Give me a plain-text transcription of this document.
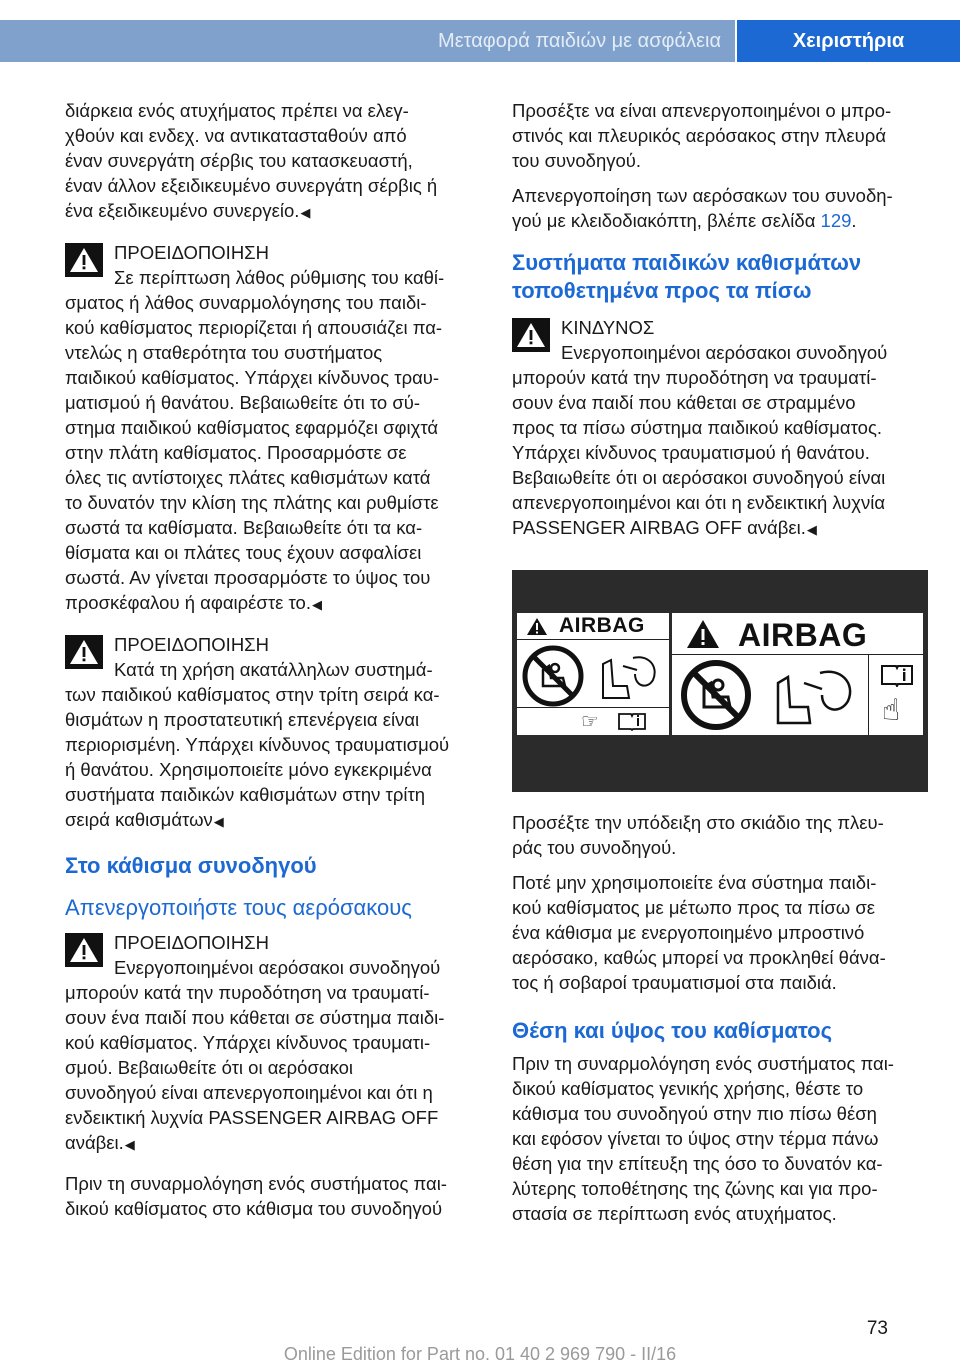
Μεταφορά παιδιών με ασφάλεια	Χειριστήρια

διάρκεια ενός ατυχήματος πρέπει να ελεγ-
χθούν και ενδεχ. να αντικατασταθούν από
έναν συνεργάτη σέρβις του κατασκευαστή,
έναν άλλον εξειδικευμένο συνεργάτη σέρβις ή
ένα εξειδικευμένο συνεργείο.◀

ΠΡΟΕΙΔΟΠΟΙΗΣΗ
Σε περίπτωση λάθος ρύθμισης του καθί-
σματος ή λάθος συναρμολόγησης του παιδι-
κού καθίσματος περιορίζεται ή απουσιάζει πα-
ντελώς η σταθερότητα του συστήματος
παιδικού καθίσματος. Υπάρχει κίνδυνος τραυ-
ματισμού ή θανάτου. Βεβαιωθείτε ότι το σύ-
στημα παιδικού καθίσματος εφαρμόζει σφιχτά
στην πλάτη καθίσματος. Προσαρμόστε σε
όλες τις αντίστοιχες πλάτες καθισμάτων κατά
το δυνατόν την κλίση της πλάτης και ρυθμίστε
σωστά τα καθίσματα. Βεβαιωθείτε ότι τα κα-
θίσματα και οι πλάτες τους έχουν ασφαλίσει
σωστά. Αν γίνεται προσαρμόστε το ύψος του
προσκέφαλου ή αφαιρέστε το.◀
ΠΡΟΕΙΔΟΠΟΙΗΣΗ
Κατά τη χρήση ακατάλληλων συστημά-
των παιδικού καθίσματος στην τρίτη σειρά κα-
θισμάτων η προστατευτική επενέργεια είναι
περιορισμένη. Υπάρχει κίνδυνος τραυματισμού
ή θανάτου. Χρησιμοποιείτε μόνο εγκεκριμένα
συστήματα παιδικών καθισμάτων στην τρίτη
σειρά καθισμάτων◀
Στο κάθισμα συνοδηγού
Απενεργοποιήστε τους αερόσακους
ΠΡΟΕΙΔΟΠΟΙΗΣΗ
Ενεργοποιημένοι αερόσακοι συνοδηγού
μπορούν κατά την πυροδότηση να τραυματί-
σουν ένα παιδί που κάθεται σε σύστημα παιδι-
κού καθίσματος. Υπάρχει κίνδυνος τραυματι-
σμού. Βεβαιωθείτε ότι οι αερόσακοι
συνοδηγού είναι απενεργοποιημένοι και ότι η
ενδεικτική λυχνία PASSENGER AIRBAG OFF
ανάβει.◀

Πριν τη συναρμολόγηση ενός συστήματος παι-
δικού καθίσματος στο κάθισμα του συνοδηγού

Προσέξτε να είναι απενεργοποιημένοι ο μπρο-
στινός και πλευρικός αερόσακος στην πλευρά
του συνοδηγού.

Απενεργοποίηση των αερόσακων του συνοδη-
γού με κλειδοδιακόπτη, βλέπε σελίδα 129.

Συστήματα παιδικών καθισμάτων
τοποθετημένα προς τα πίσω
ΚΙΝΔΥΝΟΣ
Ενεργοποιημένοι αερόσακοι συνοδηγού
μπορούν κατά την πυροδότηση να τραυματί-
σουν ένα παιδί που κάθεται σε στραμμένο
προς τα πίσω σύστημα παιδικού καθίσματος.
Υπάρχει κίνδυνος τραυματισμού ή θανάτου.
Βεβαιωθείτε ότι οι αερόσακοι συνοδηγού είναι
απενεργοποιημένοι και ότι η ενδεικτική λυχνία
PASSENGER AIRBAG OFF ανάβει.◀
AIRBAG
☞
AIRBAG
☝

Προσέξτε την υπόδειξη στο σκιάδιο της πλευ-
ράς του συνοδηγού.

Ποτέ μην χρησιμοποιείτε ένα σύστημα παιδι-
κού καθίσματος με μέτωπο προς τα πίσω σε
ένα κάθισμα με ενεργοποιημένο μπροστινό
αερόσακο, καθώς μπορεί να προκληθεί θάνα-
τος ή σοβαροί τραυματισμοί στα παιδιά.

Θέση και ύψος του καθίσματος

Πριν τη συναρμολόγηση ενός συστήματος παι-
δικού καθίσματος γενικής χρήσης, θέστε το
κάθισμα του συνοδηγού στην πιο πίσω θέση
και εφόσον γίνεται το ύψος στην τέρμα πάνω
θέση για την επίτευξη της όσο το δυνατόν κα-
λύτερης τοποθέτησης της ζώνης και για προ-
στασία σε περίπτωση ενός ατυχήματος.

73
Online Edition for Part no. 01 40 2 969 790 - II/16
